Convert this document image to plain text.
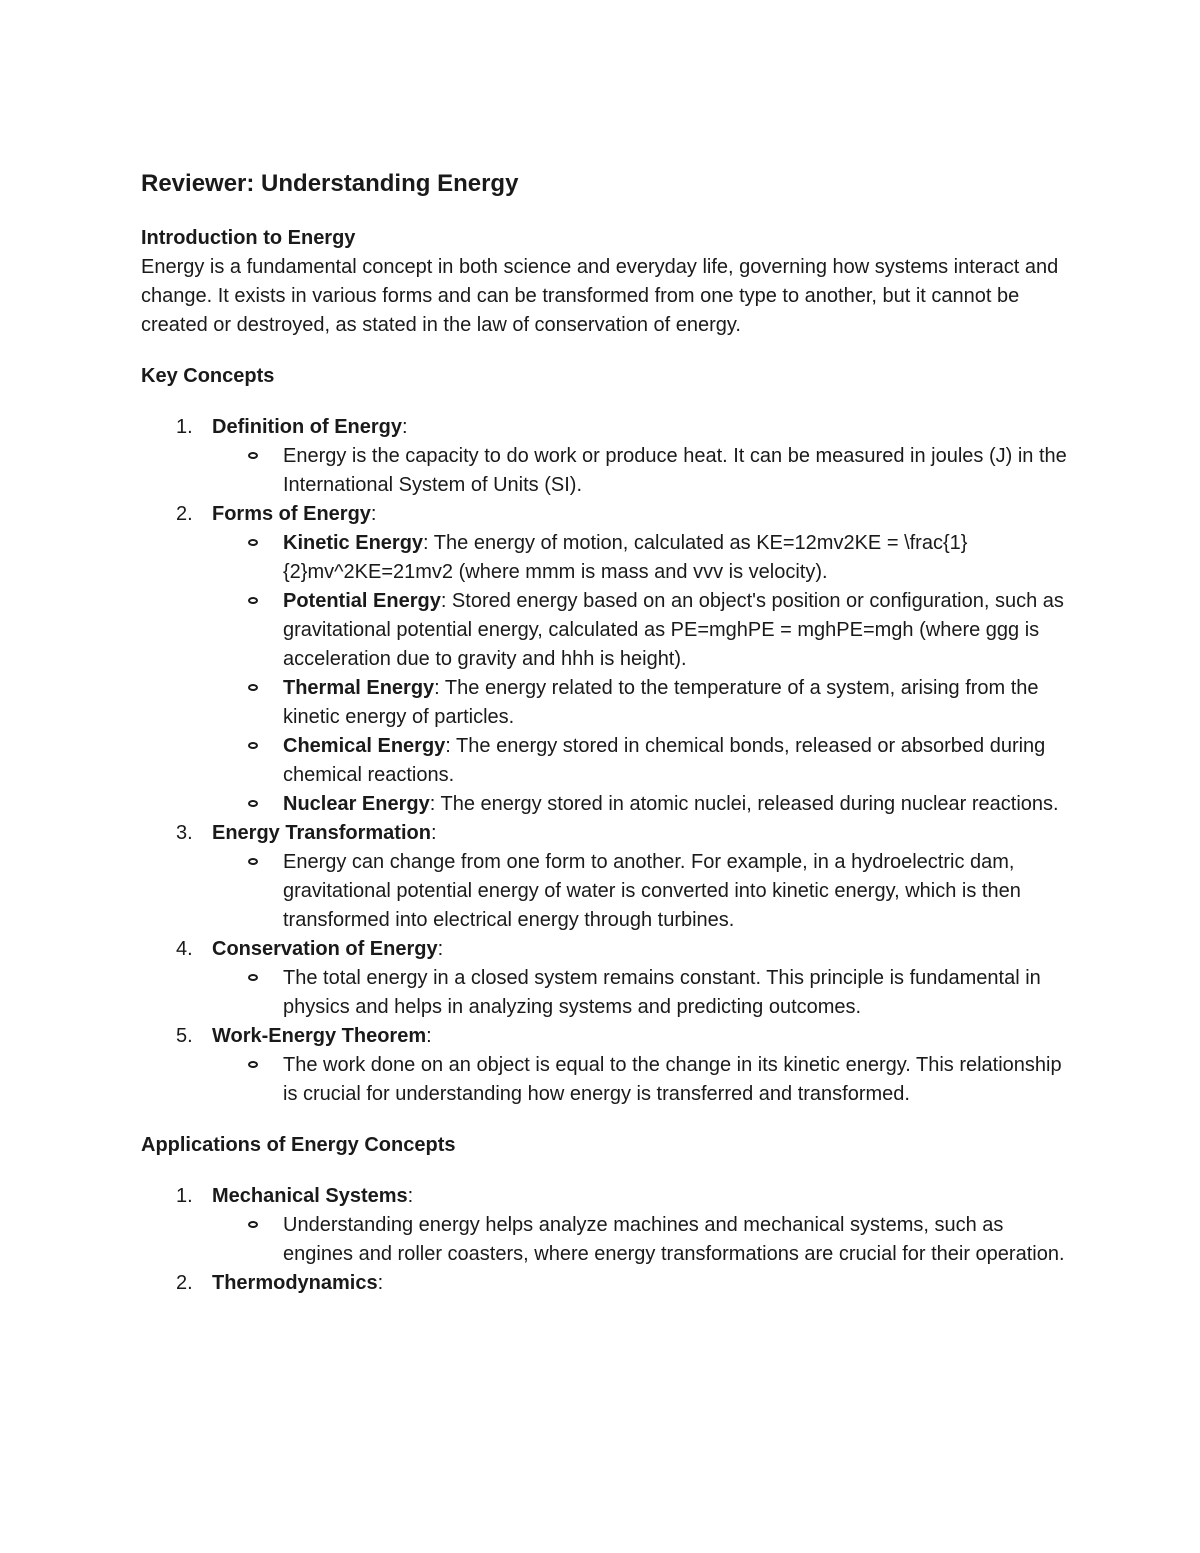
Reviewer: Understanding Energy
Introduction to Energy

Energy is a fundamental concept in both science and everyday life, governing how systems interact and change. It exists in various forms and can be transformed from one type to another, but it cannot be created or destroyed, as stated in the law of conservation of energy.

Key Concepts
1. Definition of Energy:
Energy is the capacity to do work or produce heat. It can be measured in joules (J) in the International System of Units (SI).
2. Forms of Energy:
Kinetic Energy: The energy of motion, calculated as KE=12mv2KE = \frac{1}{2}mv^2KE=21mv2 (where mmm is mass and vvv is velocity).
Potential Energy: Stored energy based on an object's position or configuration, such as gravitational potential energy, calculated as PE=mghPE = mghPE=mgh (where ggg is acceleration due to gravity and hhh is height).
Thermal Energy: The energy related to the temperature of a system, arising from the kinetic energy of particles.
Chemical Energy: The energy stored in chemical bonds, released or absorbed during chemical reactions.
Nuclear Energy: The energy stored in atomic nuclei, released during nuclear reactions.
3. Energy Transformation:
Energy can change from one form to another. For example, in a hydroelectric dam, gravitational potential energy of water is converted into kinetic energy, which is then transformed into electrical energy through turbines.
4. Conservation of Energy:
The total energy in a closed system remains constant. This principle is fundamental in physics and helps in analyzing systems and predicting outcomes.
5. Work-Energy Theorem:
The work done on an object is equal to the change in its kinetic energy. This relationship is crucial for understanding how energy is transferred and transformed.
Applications of Energy Concepts
1. Mechanical Systems:
Understanding energy helps analyze machines and mechanical systems, such as engines and roller coasters, where energy transformations are crucial for their operation.
2. Thermodynamics:
